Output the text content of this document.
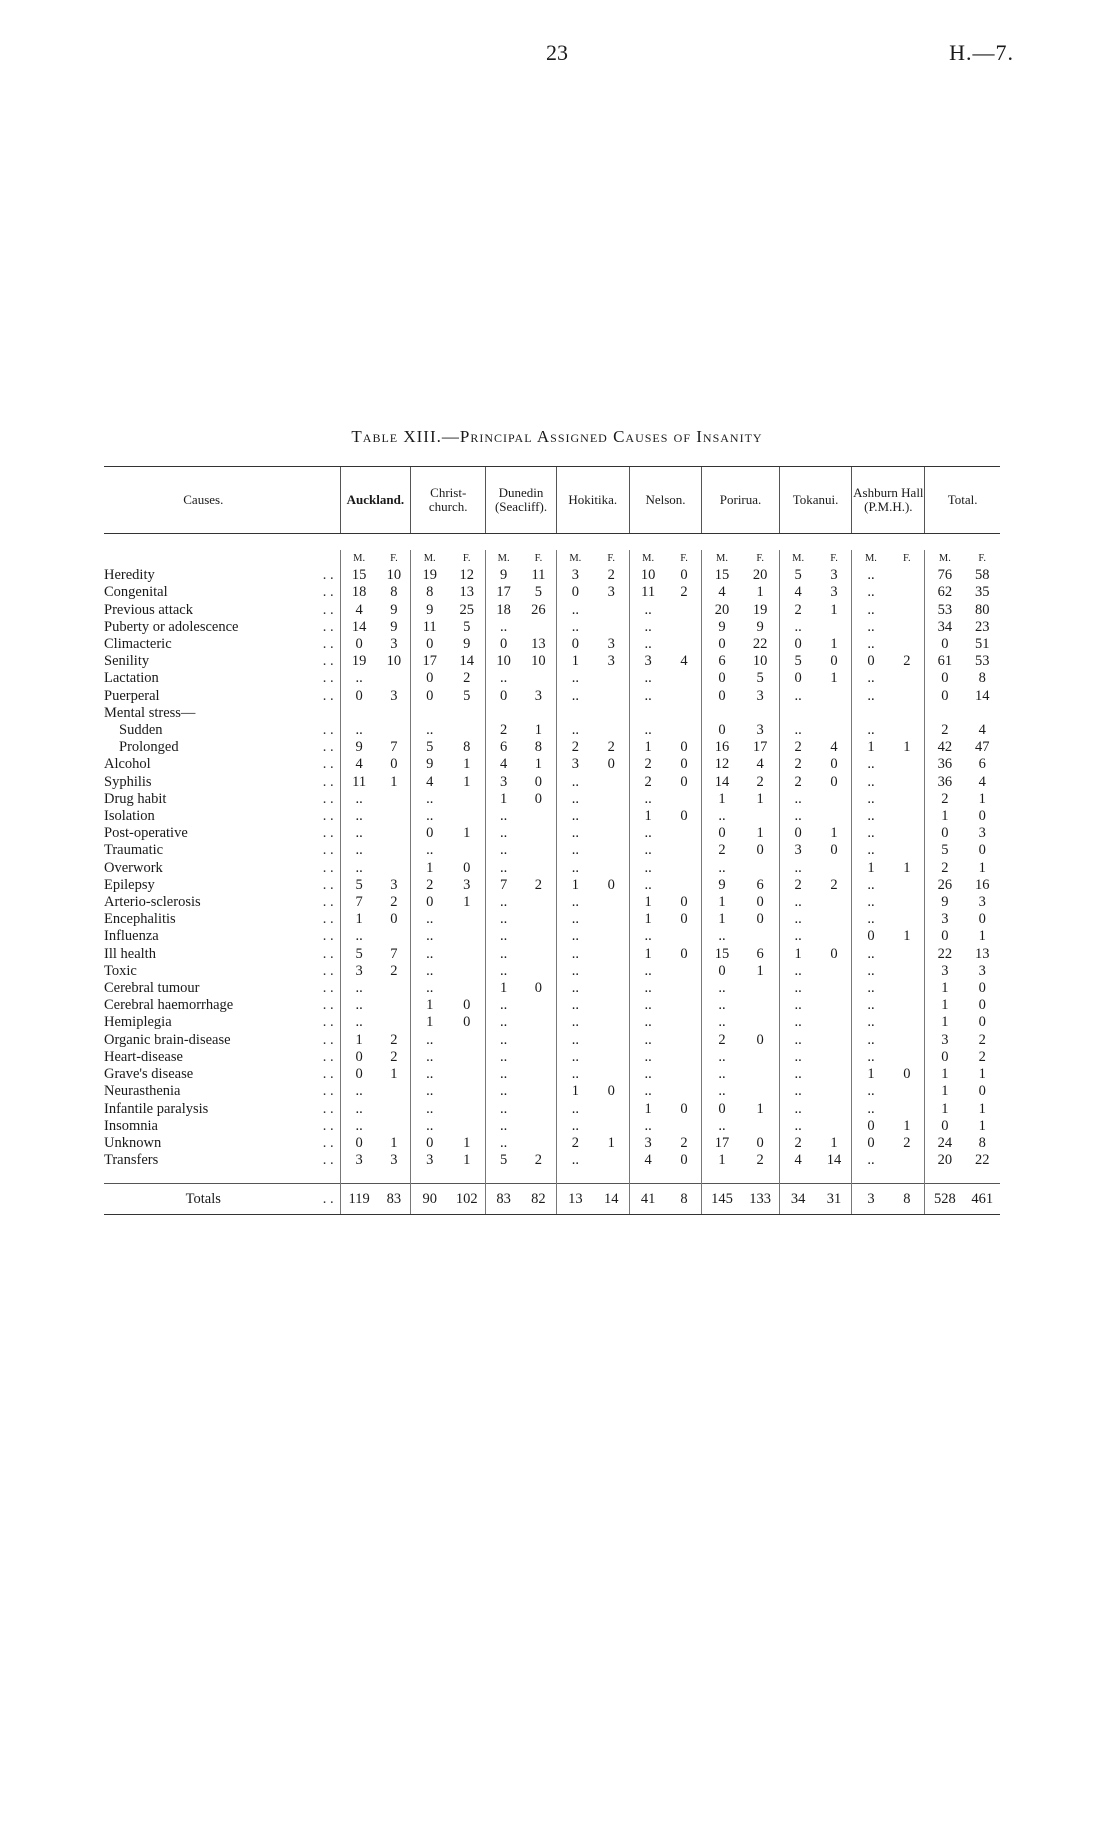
23	H.—7.
Table XIII.—Principal Assigned Causes of Insanity
Causes.		Auckland.		Christ-church.		Dunedin (Seacliff).		Hokitika.		Nelson.		Porirua.		Tokanui.		Ashburn Hall (P.M.H.).		Total.	

		M.	F.	M.	F.	M.	F.	M.	F.	M.	F.	M.	F.	M.	F.	M.	F.	M.	F.
Heredity	. .	15	10	19	12	9	11	3	2	10	0	15	20	5	3	..		76	58
Congenital	. .	18	8	8	13	17	5	0	3	11	2	4	1	4	3	..		62	35
Previous attack	. .	4	9	9	25	18	26	..		..		20	19	2	1	..		53	80
Puberty or adolescence	. .	14	9	11	5	..		..		..		9	9	..		..		34	23
Climacteric	. .	0	3	0	9	0	13	0	3	..		0	22	0	1	..		0	51
Senility	. .	19	10	17	14	10	10	1	3	3	4	6	10	5	0	0	2	61	53
Lactation	. .	..		0	2	..		..		..		0	5	0	1	..		0	8
Puerperal	. .	0	3	0	5	0	3	..		..		0	3	..		..		0	14
Mental stress—																			
Sudden	. .	..		..		2	1	..		..		0	3	..		..		2	4
Prolonged	. .	9	7	5	8	6	8	2	2	1	0	16	17	2	4	1	1	42	47
Alcohol	. .	4	0	9	1	4	1	3	0	2	0	12	4	2	0	..		36	6
Syphilis	. .	11	1	4	1	3	0	..		2	0	14	2	2	0	..		36	4
Drug habit	. .	..		..		1	0	..		..		1	1	..		..		2	1
Isolation	. .	..		..		..		..		1	0	..		..		..		1	0
Post-operative	. .	..		0	1	..		..		..		0	1	0	1	..		0	3
Traumatic	. .	..		..		..		..		..		2	0	3	0	..		5	0
Overwork	. .	..		1	0	..		..		..		..		..		1	1	2	1
Epilepsy	. .	5	3	2	3	7	2	1	0	..		9	6	2	2	..		26	16
Arterio-sclerosis	. .	7	2	0	1	..		..		1	0	1	0	..		..		9	3
Encephalitis	. .	1	0	..		..		..		1	0	1	0	..		..		3	0
Influenza	. .	..		..		..		..		..		..		..		0	1	0	1
Ill health	. .	5	7	..		..		..		1	0	15	6	1	0	..		22	13
Toxic	. .	3	2	..		..		..		..		0	1	..		..		3	3
Cerebral tumour	. .	..		..		1	0	..		..		..		..		..		1	0
Cerebral haemorrhage	. .	..		1	0	..		..		..		..		..		..		1	0
Hemiplegia	. .	..		1	0	..		..		..		..		..		..		1	0
Organic brain-disease	. .	1	2	..		..		..		..		2	0	..		..		3	2
Heart-disease	. .	0	2	..		..		..		..		..		..		..		0	2
Grave's disease	. .	0	1	..		..		..		..		..		..		1	0	1	1
Neurasthenia	. .	..		..		..		1	0	..		..		..		..		1	0
Infantile paralysis	. .	..		..		..		..		1	0	0	1	..		..		1	1
Insomnia	. .	..		..		..		..		..		..		..		0	1	0	1
Unknown	. .	0	1	0	1	..		2	1	3	2	17	0	2	1	0	2	24	8
Transfers	. .	3	3	3	1	5	2	..		4	0	1	2	4	14	..		20	22

Totals	. .	119	83	90	102	83	82	13	14	41	8	145	133	34	31	3	8	528	461
